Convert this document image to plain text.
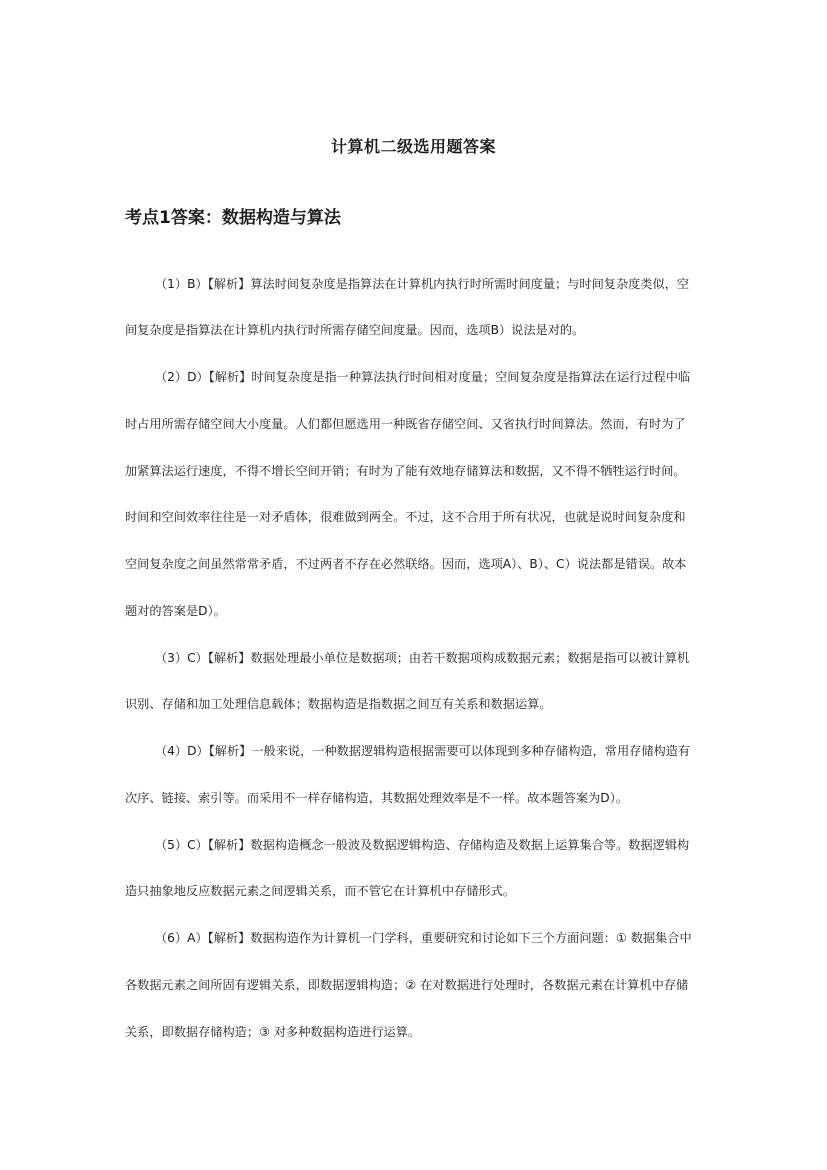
计算机二级选用题答案
考点1答案：数据构造与算法
（1）B）【解析】算法时间复杂度是指算法在计算机内执行时所需时间度量；与时间复杂度类似，空
间复杂度是指算法在计算机内执行时所需存储空间度量。因而，选项B）说法是对的。
（2）D）【解析】时间复杂度是指一种算法执行时间相对度量；空间复杂度是指算法在运行过程中临
时占用所需存储空间大小度量。人们都但愿选用一种既省存储空间、又省执行时间算法。然而，有时为了
加紧算法运行速度，不得不增长空间开销；有时为了能有效地存储算法和数据，又不得不牺牲运行时间。
时间和空间效率往往是一对矛盾体，很难做到两全。不过，这不合用于所有状况，也就是说时间复杂度和
空间复杂度之间虽然常常矛盾，不过两者不存在必然联络。因而，选项A）、B）、C）说法都是错误。故本
题对的答案是D）。
（3）C）【解析】数据处理最小单位是数据项；由若干数据项构成数据元素；数据是指可以被计算机
识别、存储和加工处理信息载体；数据构造是指数据之间互有关系和数据运算。
（4）D）【解析】一般来说，一种数据逻辑构造根据需要可以体现到多种存储构造，常用存储构造有
次序、链接、索引等。而采用不一样存储构造，其数据处理效率是不一样。故本题答案为D）。
（5）C）【解析】数据构造概念一般波及数据逻辑构造、存储构造及数据上运算集合等。数据逻辑构
造只抽象地反应数据元素之间逻辑关系，而不管它在计算机中存储形式。
（6）A）【解析】数据构造作为计算机一门学科，重要研究和讨论如下三个方面问题：① 数据集合中
各数据元素之间所固有逻辑关系，即数据逻辑构造；② 在对数据进行处理时，各数据元素在计算机中存储
关系，即数据存储构造；③ 对多种数据构造进行运算。
